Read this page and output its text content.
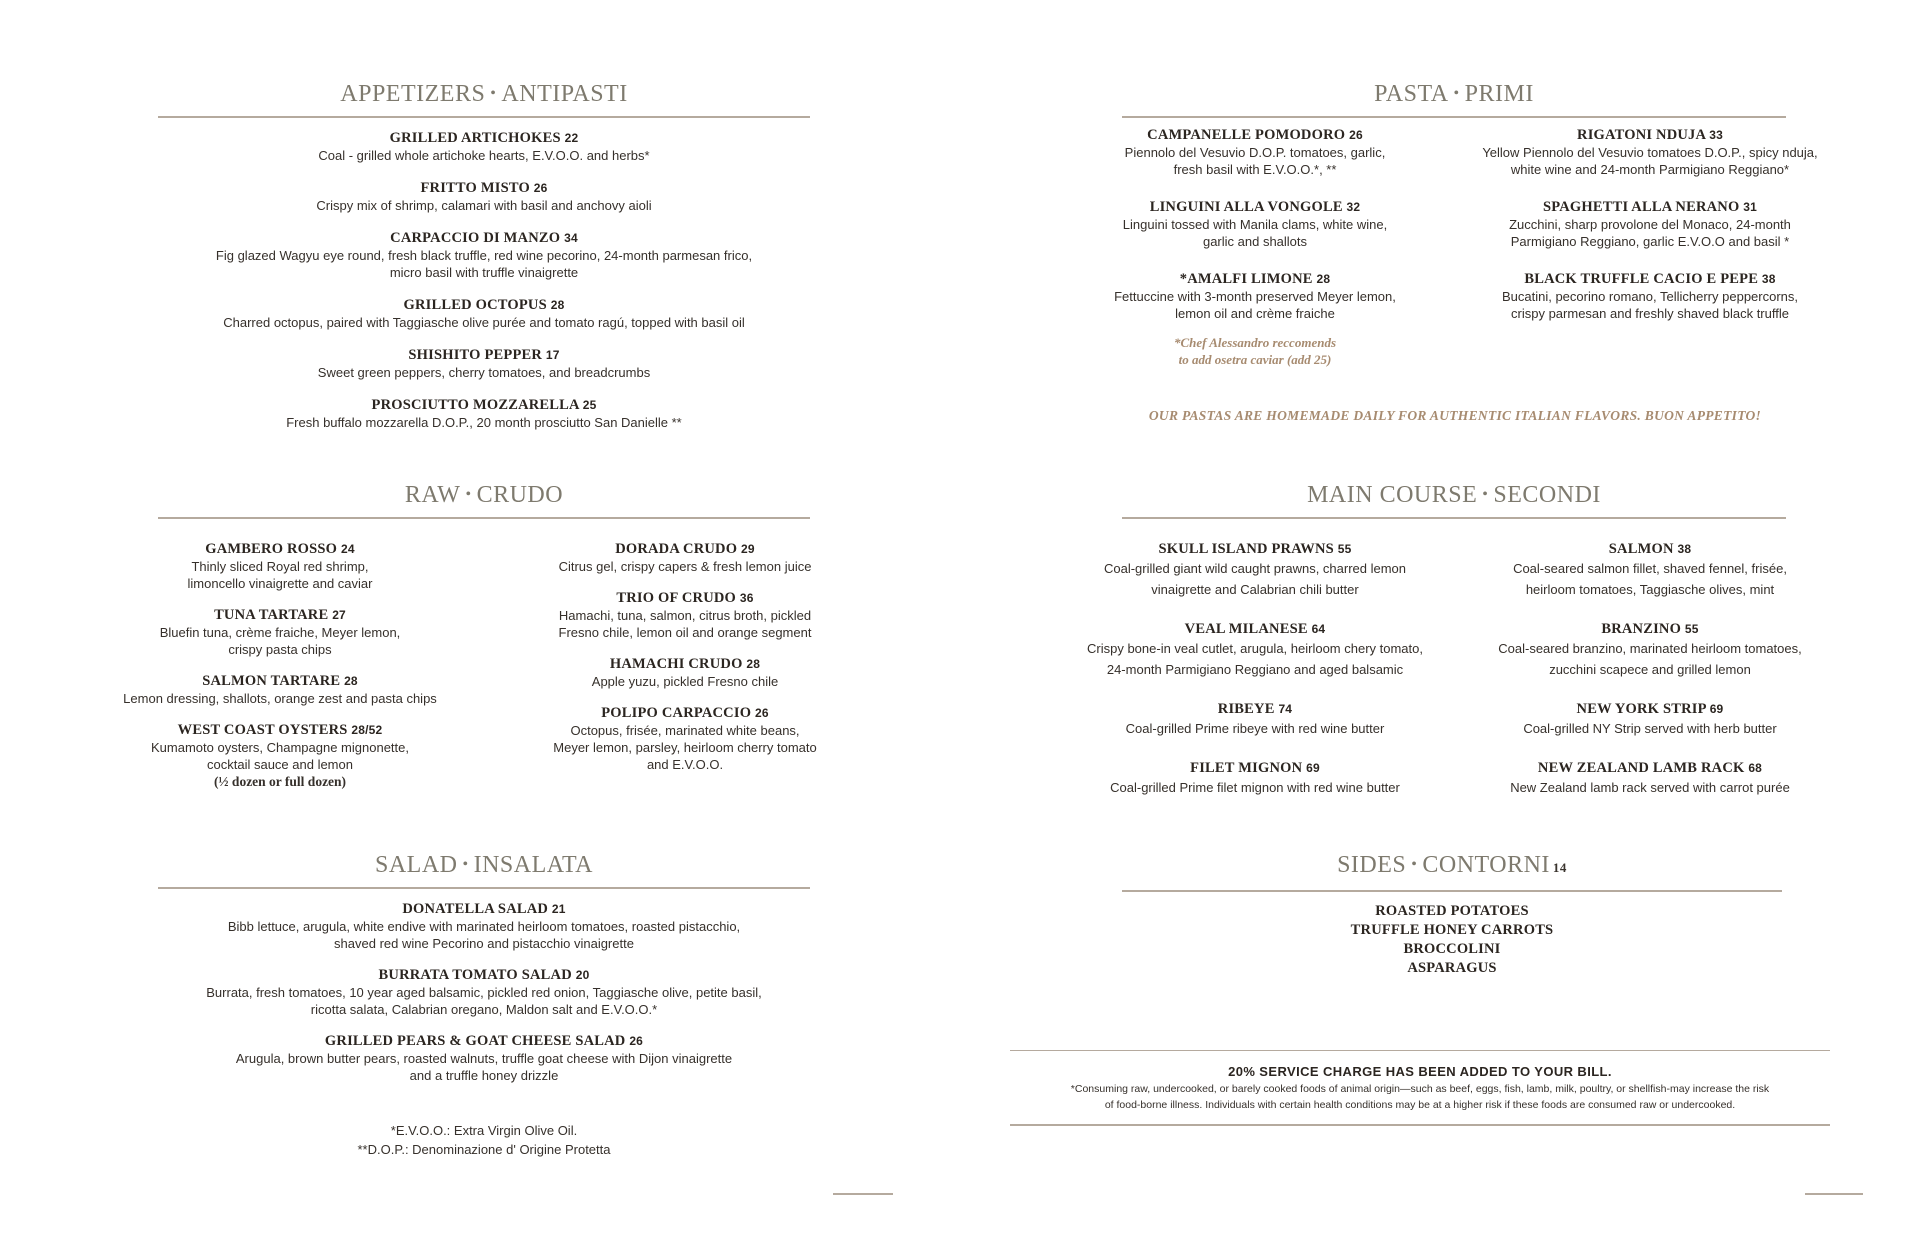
APPETIZERS • ANTIPASTI
GRILLED ARTICHOKES 22
Coal - grilled whole artichoke hearts, E.V.O.O. and herbs*
FRITTO MISTO 26
Crispy mix of shrimp, calamari with basil and anchovy aioli
CARPACCIO DI MANZO 34
Fig glazed Wagyu eye round, fresh black truffle, red wine pecorino, 24-month parmesan frico,
micro basil with truffle vinaigrette
GRILLED OCTOPUS 28
Charred octopus, paired with Taggiasche olive purée and tomato ragú, topped with basil oil
SHISHITO PEPPER 17
Sweet green peppers, cherry tomatoes, and breadcrumbs
PROSCIUTTO MOZZARELLA 25
Fresh buffalo mozzarella D.O.P., 20 month prosciutto San Danielle **
RAW • CRUDO
GAMBERO ROSSO 24
Thinly sliced Royal red shrimp,
limoncello vinaigrette and caviar
TUNA TARTARE 27
Bluefin tuna, crème fraiche, Meyer lemon,
crispy pasta chips
SALMON TARTARE 28
Lemon dressing, shallots, orange zest and pasta chips
WEST COAST OYSTERS 28/52
Kumamoto oysters, Champagne mignonette,
cocktail sauce and lemon
(½ dozen or full dozen)
DORADA CRUDO 29
Citrus gel, crispy capers & fresh lemon juice
TRIO OF CRUDO 36
Hamachi, tuna, salmon, citrus broth, pickled
Fresno chile, lemon oil and orange segment
HAMACHI CRUDO 28
Apple yuzu, pickled Fresno chile
POLIPO CARPACCIO 26
Octopus, frisée, marinated white beans,
Meyer lemon, parsley, heirloom cherry tomato
and E.V.O.O.
SALAD • INSALATA
DONATELLA SALAD 21
Bibb lettuce, arugula, white endive with marinated heirloom tomatoes, roasted pistacchio,
shaved red wine Pecorino and pistacchio vinaigrette
BURRATA TOMATO SALAD 20
Burrata, fresh tomatoes, 10 year aged balsamic, pickled red onion, Taggiasche olive, petite basil,
ricotta salata, Calabrian oregano, Maldon salt and E.V.O.O.*
GRILLED PEARS & GOAT CHEESE SALAD 26
Arugula, brown butter pears, roasted walnuts, truffle goat cheese with Dijon vinaigrette
and a truffle honey drizzle
*E.V.O.O.: Extra Virgin Olive Oil.
**D.O.P.: Denominazione d' Origine Protetta
PASTA • PRIMI
CAMPANELLE POMODORO 26
Piennolo del Vesuvio D.O.P. tomatoes, garlic,
fresh basil with E.V.O.O.*, **
LINGUINI ALLA VONGOLE 32
Linguini tossed with Manila clams, white wine,
garlic and shallots
*AMALFI LIMONE 28
Fettuccine with 3-month preserved Meyer lemon,
lemon oil and crème fraiche
*Chef Alessandro reccomends
to add osetra caviar (add 25)
RIGATONI NDUJA 33
Yellow Piennolo del Vesuvio tomatoes D.O.P., spicy nduja,
white wine and 24-month Parmigiano Reggiano*
SPAGHETTI ALLA NERANO 31
Zucchini, sharp provolone del Monaco, 24-month
Parmigiano Reggiano, garlic E.V.O.O and basil *
BLACK TRUFFLE CACIO E PEPE 38
Bucatini, pecorino romano, Tellicherry peppercorns,
crispy parmesan and freshly shaved black truffle
OUR PASTAS ARE HOMEMADE DAILY FOR AUTHENTIC ITALIAN FLAVORS. BUON APPETITO!
MAIN COURSE • SECONDI
SKULL ISLAND PRAWNS 55
Coal-grilled giant wild caught prawns, charred lemon
vinaigrette and Calabrian chili butter
VEAL MILANESE 64
Crispy bone-in veal cutlet, arugula, heirloom chery tomato,
24-month Parmigiano Reggiano and aged balsamic
RIBEYE 74
Coal-grilled Prime ribeye with red wine butter
FILET MIGNON 69
Coal-grilled Prime filet mignon with red wine butter
SALMON 38
Coal-seared salmon fillet, shaved fennel, frisée,
heirloom tomatoes, Taggiasche olives, mint
BRANZINO 55
Coal-seared branzino, marinated heirloom tomatoes,
zucchini scapece and grilled lemon
NEW YORK STRIP 69
Coal-grilled NY Strip served with herb butter
NEW ZEALAND LAMB RACK 68
New Zealand lamb rack served with carrot purée
SIDES • CONTORNI 14
ROASTED POTATOES
TRUFFLE HONEY CARROTS
BROCCOLINI
ASPARAGUS
20% SERVICE CHARGE HAS BEEN ADDED TO YOUR BILL.
*Consuming raw, undercooked, or barely cooked foods of animal origin—such as beef, eggs, fish, lamb, milk, poultry, or shellfish-may increase the risk
of food-borne illness. Individuals with certain health conditions may be at a higher risk if these foods are consumed raw or undercooked.
